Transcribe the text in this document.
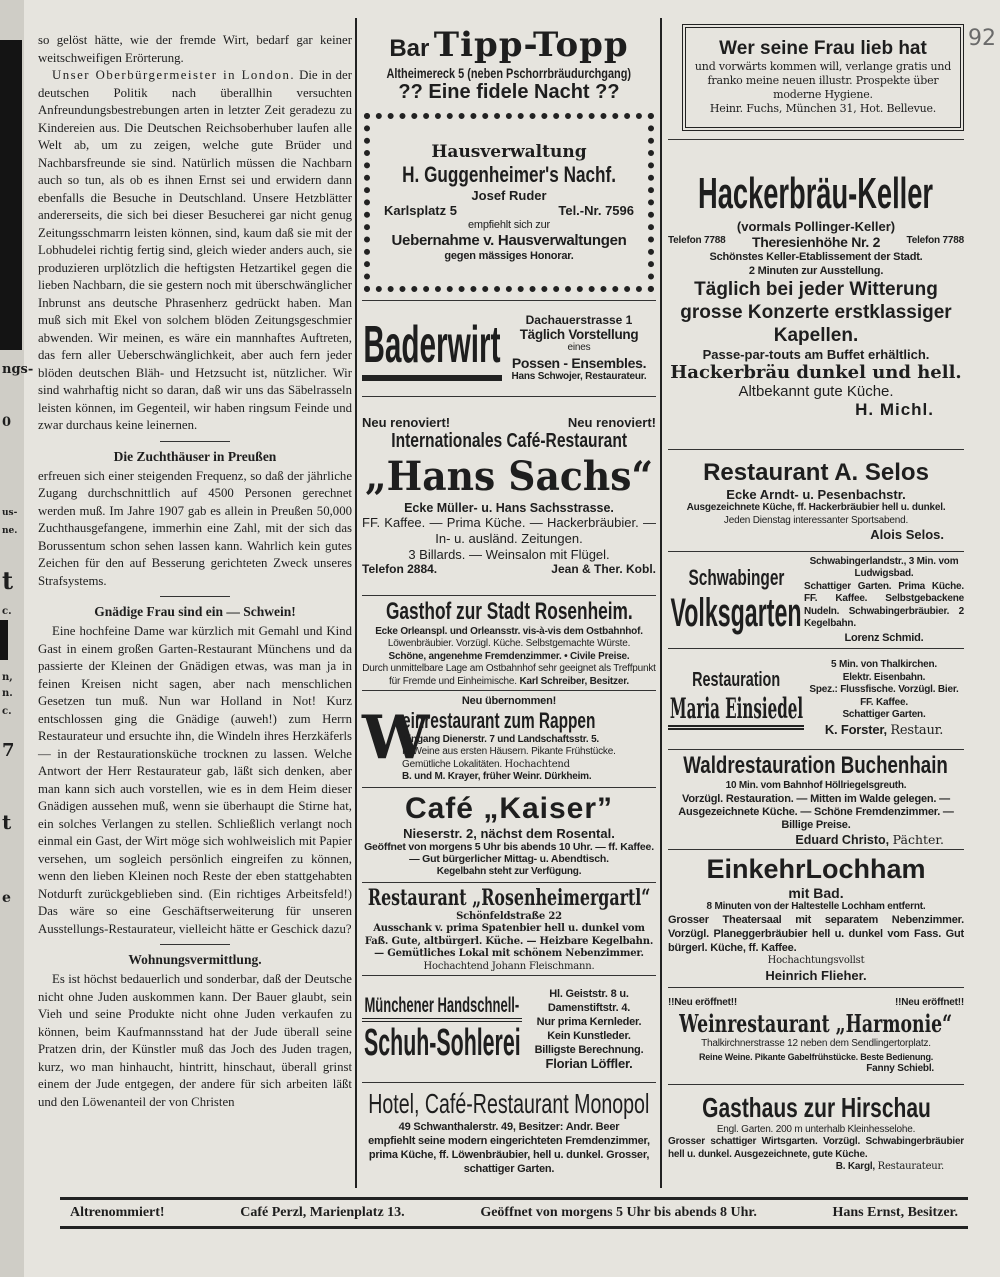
ngs-
0
t
us-
ne.
c.
n,
n.
c.
7
t
e
92

so gelöst hätte, wie der fremde Wirt, bedarf gar keiner weitschweifigen Erörterung.

Unser Oberbürgermeister in London. Die in der deutschen Politik nach überallhin versuchten Anfreundungsbestrebungen arten in letzter Zeit geradezu zu Kindereien aus. Die Deutschen Reichsoberhuber laufen alle Welt ab, um zu zeigen, welche gute Brüder und Nachbarsfreunde sie sind. Natürlich müssen die Nachbarn auch so tun, als ob es ihnen Ernst sei und erwidern dann ebenfalls die Besuche in Deutschland. Unsere Hetzblätter andererseits, die sich bei dieser Besucherei gar nicht genug Zeitungsschmarrn leisten können, sind, kaum daß sie mit der Lobhudelei richtig fertig sind, gleich wieder anders auch, sie produzieren urplötzlich die heftigsten Hetzartikel gegen die lieben Nachbarn, die sie gestern noch mit überschwänglicher Inbrunst ans deutsche Phrasenherz gedrückt haben. Man muß sich mit Ekel von solchem blöden Zeitungsgeschmier abwenden. Wir meinen, es wäre ein mannhaftes Auftreten, das fern aller Ueberschwänglichkeit, aber auch fern jeder blöden deutschen Bläh- und Hetzsucht ist, nützlicher. Wir sind wahrhaftig nicht so daran, daß wir uns das Säbelrasseln leisten können, im Gegenteil, wir haben ringsum Feinde und zwar durchaus keine leinernen.

Die Zuchthäuser in Preußen

erfreuen sich einer steigenden Frequenz, so daß der jährliche Zugang durchschnittlich auf 4500 Personen gerechnet werden muß. Im Jahre 1907 gab es allein in Preußen 50,000 Zuchthausgefangene, immerhin eine Zahl, mit der sich das Borussentum schon sehen lassen kann. Wahrlich kein gutes Zeichen für den auf Besserung gerichteten Zweck unseres Strafsystems.

Gnädige Frau sind ein — Schwein!

Eine hochfeine Dame war kürzlich mit Gemahl und Kind Gast in einem großen Garten-Restaurant Münchens und da passierte der Kleinen der Gnädigen etwas, was man ja in feinen Kreisen nicht sagen, aber nach menschlichen Gesetzen tun muß. Nun war Holland in Not! Kurz entschlossen ging die Gnädige (auweh!) zum Herrn Restaurateur und ersuchte ihn, die Windeln ihres Herzkäferls — in der Restaurationsküche trocknen zu lassen. Welche Antwort der Herr Restaurateur gab, läßt sich denken, aber man kann sich auch vorstellen, wie es in dem Heim dieser Gnädigen aussehen muß, wenn sie überhaupt die Stirne hat, ein solches Verlangen zu stellen. Schließlich verlangt noch einmal ein Gast, der Wirt möge sich wohlweislich mit Papier versehen, um sogleich persönlich eingreifen zu können, wenn den lieben Kleinen noch Reste der eben stattgehabten Notdurft zurückgeblieben sind. (Ein richtiges Arbeitsfeld!) Das wäre so eine Geschäftserweiterung für unseren Ausstellungs-Restaurateur, vielleicht hätte er Geschick dazu?

Wohnungsvermittlung.

Es ist höchst bedauerlich und sonderbar, daß der Deutsche nicht ohne Juden auskommen kann. Der Bauer glaubt, sein Vieh und seine Produkte nicht ohne Juden verkaufen zu können, beim Kaufmannsstand hat der Jude überall seine Pratzen drin, der Künstler muß das Joch des Juden tragen, kurz, wo man hinhaucht, hintritt, hinschaut, überall grinst einem der Jude entgegen, der andere für sich arbeiten läßt und den Löwenanteil der von Christen

Bar Tipp-Topp
Altheimereck 5 (neben Pschorrbräudurchgang)
?? Eine fidele Nacht ??
Hausverwaltung
H. Guggenheimer's Nachf.
Josef Ruder
Karlsplatz 5	Tel.-Nr. 7596
empfiehlt sich zur
Uebernahme v. Hausverwaltungen
gegen mässiges Honorar.
Baderwirt	Dachauerstrasse 1
Täglich Vorstellung
eines
Possen - Ensembles.
Hans Schwojer, Restaurateur.
Neu renoviert!	Neu renoviert!
Internationales Café-Restaurant
„Hans Sachs“
Ecke Müller- u. Hans Sachsstrasse.
FF. Kaffee. — Prima Küche. — Hackerbräubier. — In- u. ausländ. Zeitungen.
3 Billards. — Weinsalon mit Flügel.
Telefon 2884.	Jean & Ther. Kobl.
Gasthof zur Stadt Rosenheim.
Ecke Orleanspl. und Orleansstr. vis-à-vis dem Ostbahnhof.
Löwenbräubier. Vorzügl. Küche. Selbstgemachte Würste.
Schöne, angenehme Fremdenzimmer. • Civile Preise.
Durch unmittelbare Lage am Ostbahnhof sehr geeignet als Treffpunkt für Fremde und Einheimische. Karl Schreiber, Besitzer.
Neu übernommen!
W
einrestaurant zum Rappen
Eingang Dienerstr. 7 und Landschaftsstr. 5.
Ia Weine aus ersten Häusern. Pikante Frühstücke.
Gemütliche Lokalitäten. Hochachtend
B. und M. Krayer, früher Weinr. Dürkheim.
Café „Kaiser”
Nieserstr. 2, nächst dem Rosental.
Geöffnet von morgens 5 Uhr bis abends 10 Uhr. — ff. Kaffee. — Gut bürgerlicher Mittag- u. Abendtisch.
Kegelbahn steht zur Verfügung.
Restaurant „Rosenheimergartl“
Schönfeldstraße 22
Ausschank v. prima Spatenbier hell u. dunkel vom Faß. Gute, altbürgerl. Küche. — Heizbare Kegelbahn. — Gemütliches Lokal mit schönem Nebenzimmer.
Hochachtend Johann Fleischmann.
Münchener Handschnell-
Schuh-Sohlerei
Hl. Geiststr. 8 u.
Damenstiftstr. 4.
Nur prima Kernleder.
Kein Kunstleder.
Billigste Berechnung.
Florian Löffler.
Hotel, Café-Restaurant Monopol
49 Schwanthalerstr. 49, Besitzer: Andr. Beer
empfiehlt seine modern eingerichteten Fremdenzimmer, prima Küche, ff. Löwenbräubier, hell u. dunkel. Grosser, schattiger Garten.
Wer seine Frau lieb hat
und vorwärts kommen will, verlange gratis und franko meine neuen illustr. Prospekte über moderne Hygiene.
Heinr. Fuchs, München 31, Hot. Bellevue.
Hackerbräu-Keller
(vormals Pollinger-Keller)
Telefon 7788 Theresienhöhe Nr. 2	Telefon 7788
Schönstes Keller-Etablissement der Stadt.
2 Minuten zur Ausstellung.
Täglich bei jeder Witterung grosse Konzerte erstklassiger Kapellen.
Passe-par-touts am Buffet erhältlich.
Hackerbräu dunkel und hell.
Altbekannt gute Küche.
H. Michl.
Restaurant A. Selos
Ecke Arndt- u. Pesenbachstr.
Ausgezeichnete Küche, ff. Hackerbräubier hell u. dunkel.
Jeden Dienstag interessanter Sportsabend.
Alois Selos.
Schwabinger
Volksgarten
Schwabingerlandstr., 3 Min. vom Ludwigsbad.
Schattiger Garten. Prima Küche. FF. Kaffee. Selbstgebackene Nudeln. Schwabingerbräubier. 2 Kegelbahn.
Lorenz Schmid.
Restauration
Maria Einsiedel
5 Min. von Thalkirchen.
Elektr. Eisenbahn.
Spez.: Flussfische. Vorzügl. Bier. FF. Kaffee.
Schattiger Garten.
K. Forster, Restaur.
Waldrestauration Buchenhain
10 Min. vom Bahnhof Höllriegelsgreuth.
Vorzügl. Restauration. — Mitten im Walde gelegen. — Ausgezeichnete Küche. — Schöne Fremdenzimmer. — Billige Preise.
Eduard Christo, Pächter.
EinkehrLochham
mit Bad.
8 Minuten von der Haltestelle Lochham entfernt.
Grosser Theatersaal mit separatem Nebenzimmer. Vorzügl. Planeggerbräubier hell u. dunkel vom Fass. Gut bürgerl. Küche, ff. Kaffee.
Hochachtungsvollst
Heinrich Flieher.
!!Neu eröffnet!!	!!Neu eröffnet!!
Weinrestaurant „Harmonie“
Thalkirchnerstrasse 12 neben dem Sendlingertorplatz.
Reine Weine. Pikante Gabelfrühstücke. Beste Bedienung.
Fanny Schiebl.
Gasthaus zur Hirschau
Engl. Garten. 200 m unterhalb Kleinhesselohe.
Grosser schattiger Wirtsgarten. Vorzügl. Schwabingerbräubier hell u. dunkel. Ausgezeichnete, gute Küche.
B. Kargl, Restaurateur.
Altrenommiert!	Café Perzl, Marienplatz 13.	Geöffnet von morgens 5 Uhr bis abends 8 Uhr.	Hans Ernst, Besitzer.
